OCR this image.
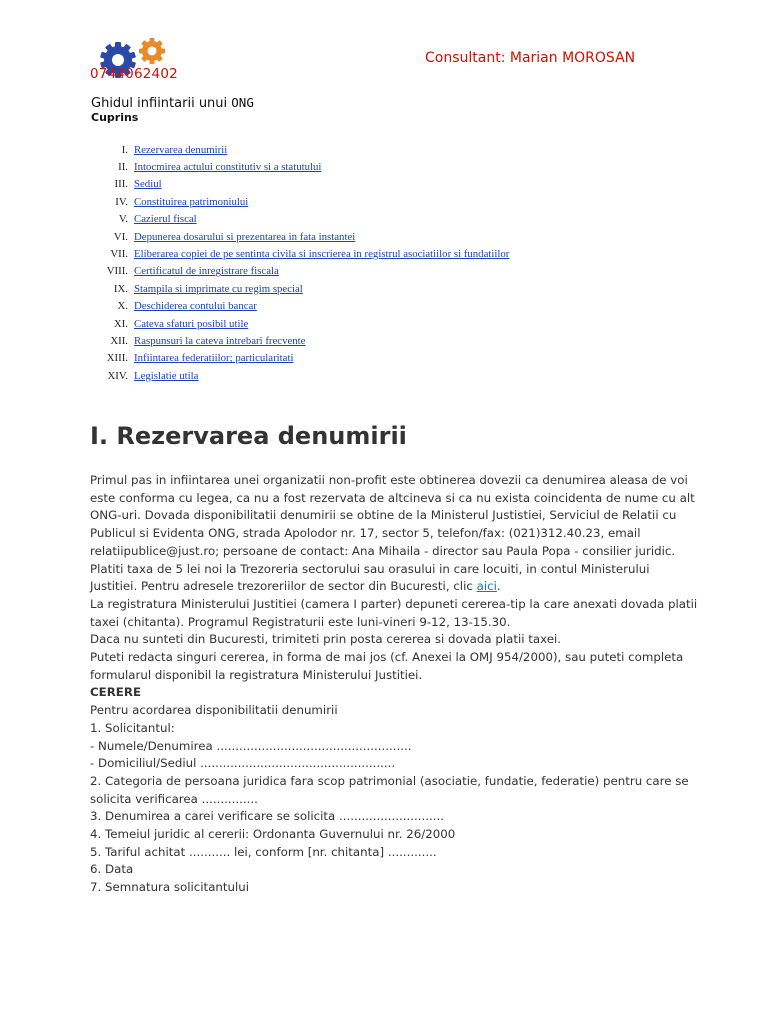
0744062402
Consultant: Marian MOROSAN
Ghidul infiintarii unui ONG
Cuprins
I. Rezervarea denumirii
II. Intocmirea actului constitutiv si a statutului
III. Sediul
IV. Constituirea patrimoniului
V. Cazierul fiscal
VI. Depunerea dosarului si prezentarea in fata instantei
VII. Eliberarea copiei de pe sentinta civila si inscrierea in registrul asociatiilor si fundatiilor
VIII. Certificatul de inregistrare fiscala
IX. Stampila si imprimate cu regim special
X. Deschiderea contului bancar
XI. Cateva sfaturi posibil utile
XII. Raspunsuri la cateva intrebari frecvente
XIII. Infiintarea federatiilor; particularitati
XIV. Legislatie utila
I. Rezervarea denumirii
Primul pas in infiintarea unei organizatii non-profit este obtinerea dovezii ca denumirea aleasa de voi
este conforma cu legea, ca nu a fost rezervata de altcineva si ca nu exista coincidenta de nume cu alt
ONG-uri. Dovada disponibilitatii denumirii se obtine de la Ministerul Justistiei, Serviciul de Relatii cu
Publicul si Evidenta ONG, strada Apolodor nr. 17, sector 5, telefon/fax: (021)312.40.23, email
relatiipublice@just.ro; persoane de contact: Ana Mihaila - director sau Paula Popa - consilier juridic.
Platiti taxa de 5 lei noi la Trezoreria sectorului sau orasului in care locuiti, in contul Ministerului
Justitiei. Pentru adresele trezoreriilor de sector din Bucuresti, clic aici.
La registratura Ministerului Justitiei (camera I parter) depuneti cererea-tip la care anexati dovada platii
taxei (chitanta). Programul Registraturii este luni-vineri 9-12, 13-15.30.
Daca nu sunteti din Bucuresti, trimiteti prin posta cererea si dovada platii taxei.
Puteti redacta singuri cererea, in forma de mai jos (cf. Anexei la OMJ 954/2000), sau puteti completa
formularul disponibil la registratura Ministerului Justitiei.
CERERE
Pentru acordarea disponibilitatii denumirii
1. Solicitantul:
- Numele/Denumirea ....................................................
- Domiciliul/Sediul ....................................................
2. Categoria de persoana juridica fara scop patrimonial (asociatie, fundatie, federatie) pentru care se
solicita verificarea ...............
3. Denumirea a carei verificare se solicita ............................
4. Temeiul juridic al cererii: Ordonanta Guvernului nr. 26/2000
5. Tariful achitat ........... lei, conform [nr. chitanta] .............
6. Data
7. Semnatura solicitantului
